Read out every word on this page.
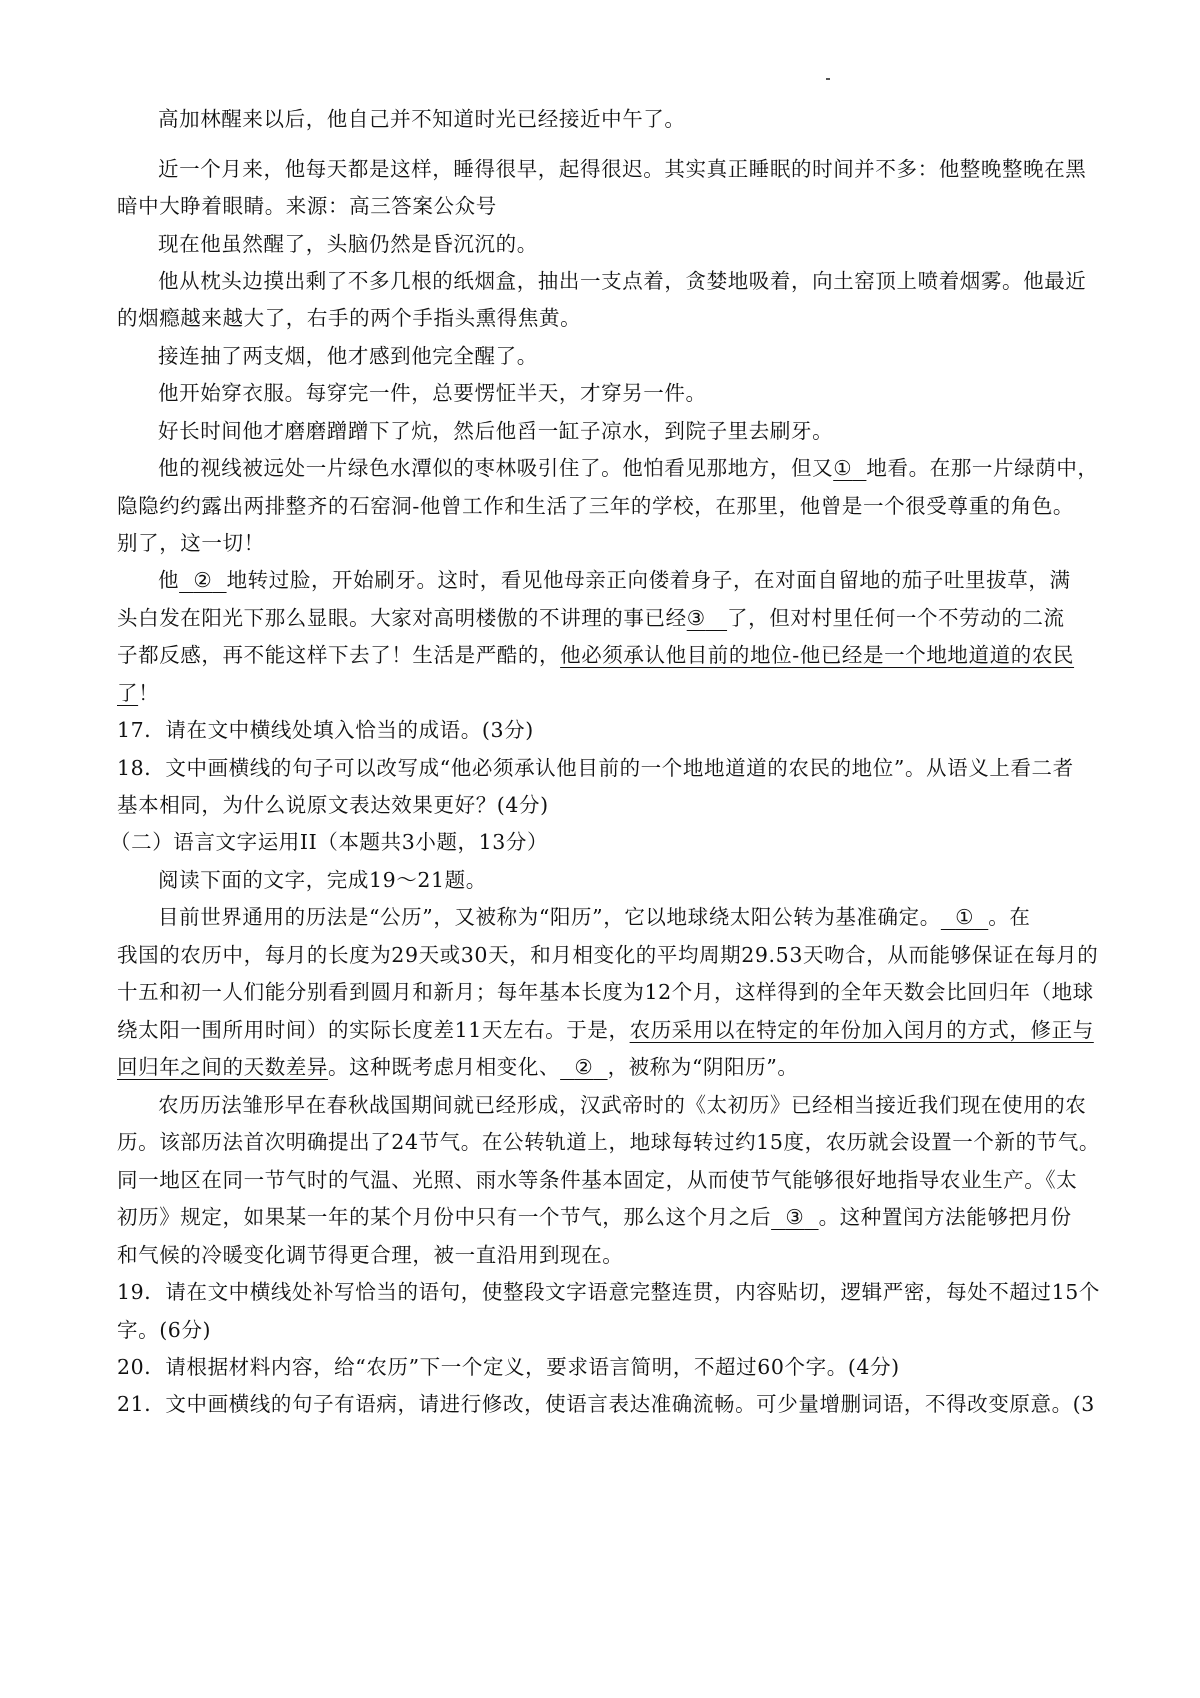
高加林醒来以后，他自己并不知道时光已经接近中午了。
近一个月来，他每天都是这样，睡得很早，起得很迟。其实真正睡眠的时间并不多：他整晚整晚在黑
暗中大睁着眼睛。来源：高三答案公众号
现在他虽然醒了，头脑仍然是昏沉沉的。
他从枕头边摸出剩了不多几根的纸烟盒，抽出一支点着，贪婪地吸着，向土窑顶上喷着烟雾。他最近
的烟瘾越来越大了，右手的两个手指头熏得焦黄。
接连抽了两支烟，他才感到他完全醒了。
他开始穿衣服。每穿完一件，总要愣怔半天，才穿另一件。
好长时间他才磨磨蹭蹭下了炕，然后他舀一缸子凉水，到院子里去刷牙。
他的视线被远处一片绿色水潭似的枣林吸引住了。他怕看见那地方，但又① 地看。在那一片绿荫中，
隐隐约约露出两排整齐的石窑洞-他曾工作和生活了三年的学校，在那里，他曾是一个很受尊重的角色。
别了，这一切！
他 ② 地转过脸，开始刷牙。这时，看见他母亲正向偻着身子，在对面自留地的茄子吐里拔草，满
头白发在阳光下那么显眼。大家对高明楼傲的不讲理的事已经③ 了，但对村里任何一个不劳动的二流
子都反感，再不能这样下去了！生活是严酷的，他必须承认他目前的地位-他已经是一个地地道道的农民
了！
17．请在文中横线处填入恰当的成语。(3分)
18．文中画横线的句子可以改写成“他必须承认他目前的一个地地道道的农民的地位”。从语义上看二者
基本相同，为什么说原文表达效果更好？(4分)
（二）语言文字运用II（本题共3小题，13分）
阅读下面的文字，完成19～21题。
目前世界通用的历法是“公历”，又被称为“阳历”，它以地球绕太阳公转为基准确定。 ① 。在
我国的农历中，每月的长度为29天或30天，和月相变化的平均周期29.53天吻合，从而能够保证在每月的
十五和初一人们能分别看到圆月和新月；每年基本长度为12个月，这样得到的全年天数会比回归年（地球
绕太阳一围所用时间）的实际长度差11天左右。于是，农历采用以在特定的年份加入闰月的方式，修正与
回归年之间的天数差异。这种既考虑月相变化、 ② ，被称为“阴阳历”。
农历历法雏形早在春秋战国期间就已经形成，汉武帝时的《太初历》已经相当接近我们现在使用的农
历。该部历法首次明确提出了24节气。在公转轨道上，地球每转过约15度，农历就会设置一个新的节气。
同一地区在同一节气时的气温、光照、雨水等条件基本固定，从而使节气能够很好地指导农业生产。《太
初历》规定，如果某一年的某个月份中只有一个节气，那么这个月之后 ③ 。这种置闰方法能够把月份
和气候的冷暖变化调节得更合理，被一直沿用到现在。
19．请在文中横线处补写恰当的语句，使整段文字语意完整连贯，内容贴切，逻辑严密，每处不超过15个
字。(6分)
20．请根据材料内容，给“农历”下一个定义，要求语言简明，不超过60个字。(4分)
21．文中画横线的句子有语病，请进行修改，使语言表达准确流畅。可少量增删词语，不得改变原意。(3
